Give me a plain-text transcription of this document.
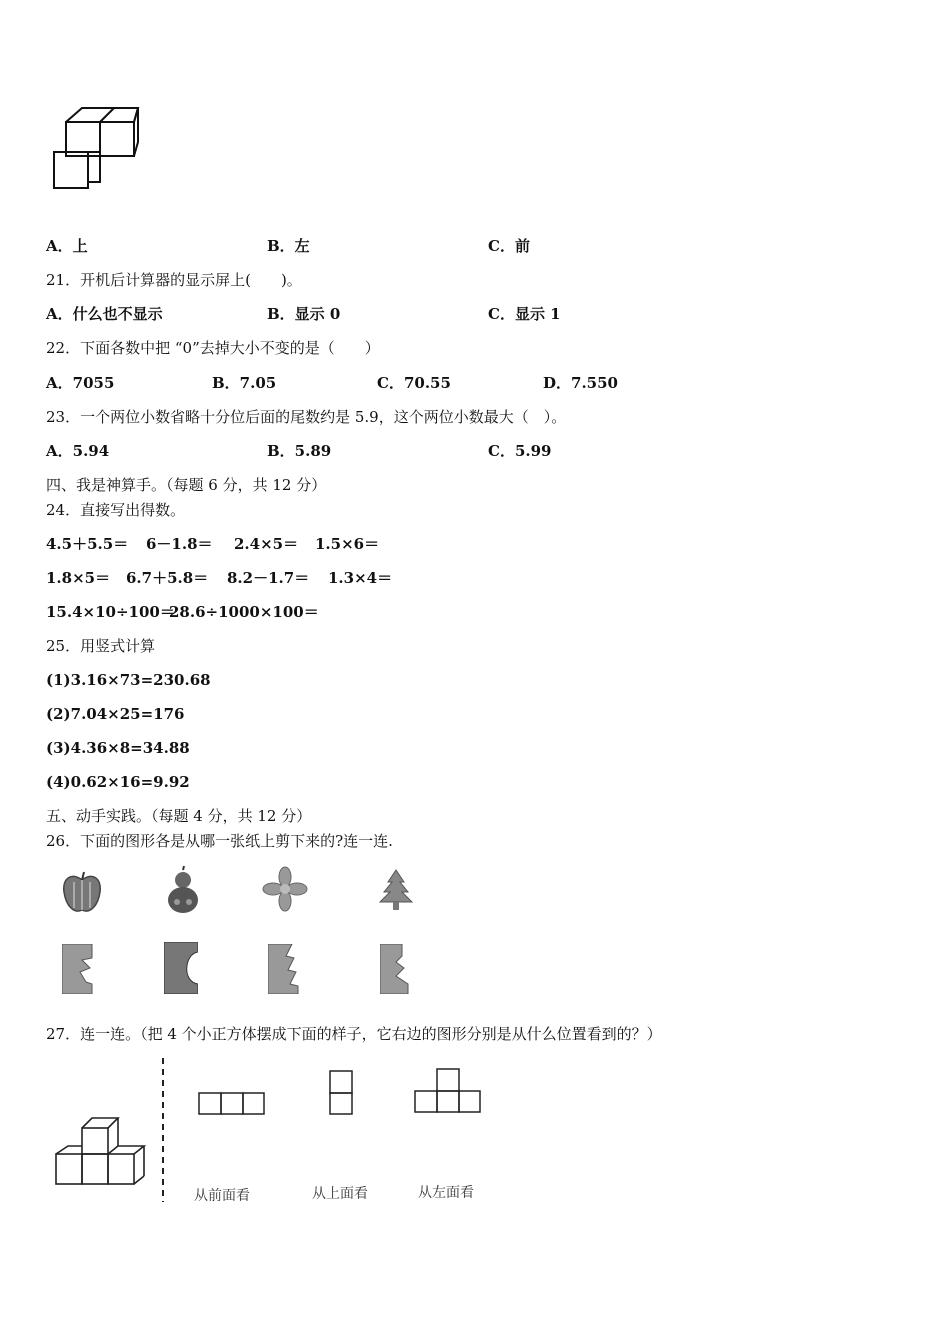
A．上	B．左	C．前
21．开机后计算器的显示屏上(　　)。
A．什么也不显示	B．显示 0	C．显示 1
22．下面各数中把 “0”去掉大小不变的是（　　）
A．7055	B．7.05	C．70.55	D．7.550
23．一个两位小数省略十分位后面的尾数约是 5.9，这个两位小数最大（　）。
A．5.94	B．5.89	C．5.99
四、我是神算手。（每题 6 分，共 12 分）
24．直接写出得数。
4.5＋5.5＝ 6－1.8＝ 2.4×5＝ 1.5×6＝
1.8×5＝ 6.7＋5.8＝ 8.2－1.7＝ 1.3×4＝
15.4×10÷100＝
28.6÷1000×100＝
25．用竖式计算
(1)3.16×73=230.68
(2)7.04×25=176
(3)4.36×8=34.88
(4)0.62×16=9.92
五、动手实践。（每题 4 分，共 12 分）
26．下面的图形各是从哪一张纸上剪下来的?连一连.
27．连一连。（把 4 个小正方体摆成下面的样子，它右边的图形分别是从什么位置看到的？）
从前面看	从上面看	从左面看
